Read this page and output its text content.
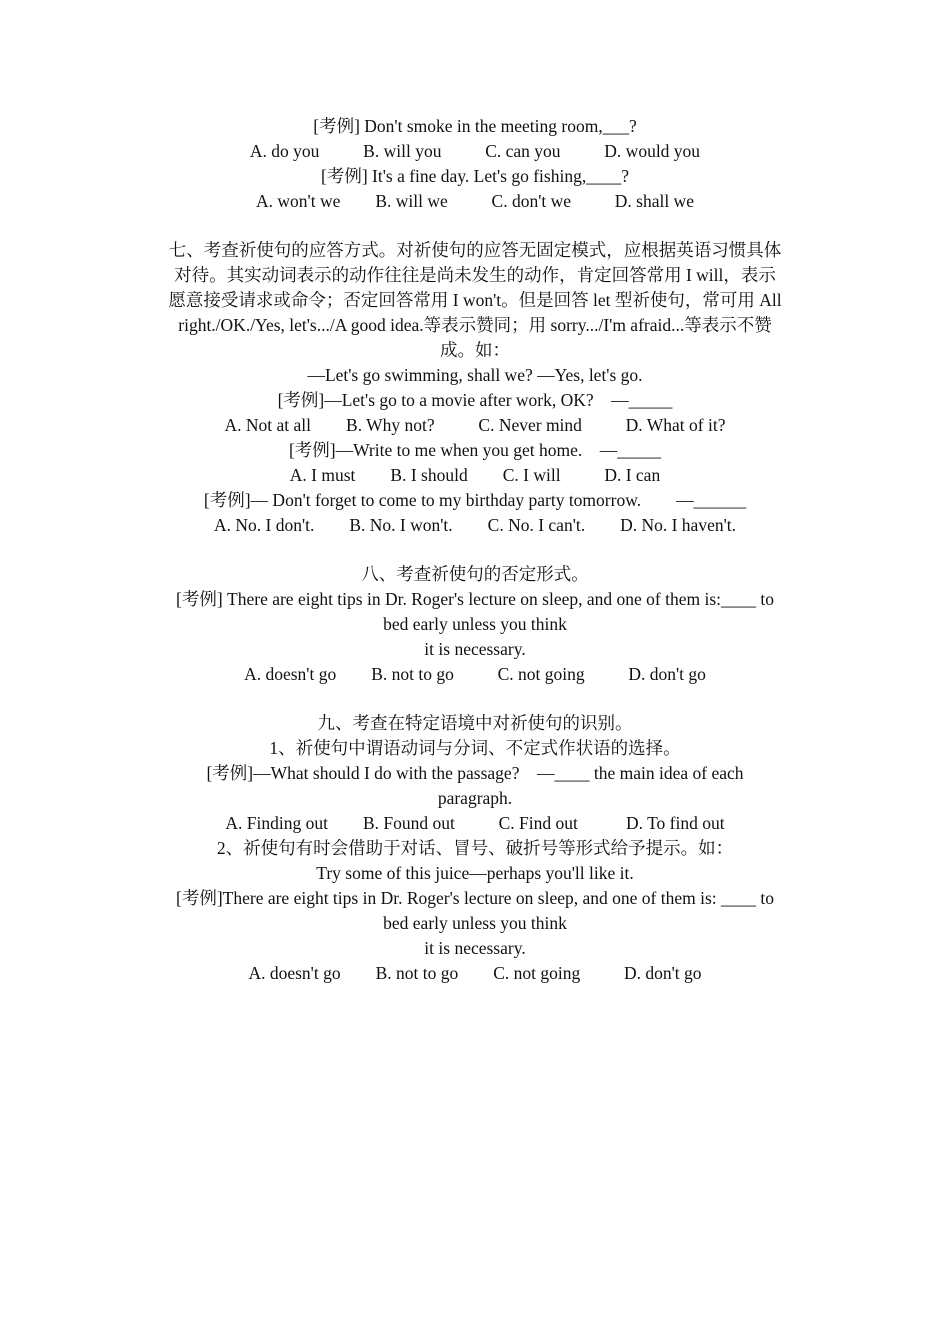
[考例] Don't smoke in the meeting room,___?
A. do you          B. will you          C. can you          D. would you
[考例] It's a fine day. Let's go fishing,____?
A. won't we        B. will we          C. don't we          D. shall we
七、考查祈使句的应答方式。对祈使句的应答无固定模式，应根据英语习惯具体
对待。其实动词表示的动作往往是尚未发生的动作，肯定回答常用 I will，表示
愿意接受请求或命令；否定回答常用 I won't。但是回答 let 型祈使句，常可用 All
right./OK./Yes, let's.../A good idea.等表示赞同；用 sorry.../I'm afraid...等表示不赞
成。如：
—Let's go swimming, shall we? —Yes, let's go.
[考例]—Let's go to a movie after work, OK?    —_____
A. Not at all        B. Why not?          C. Never mind          D. What of it?
[考例]—Write to me when you get home.    —_____
A. I must        B. I should        C. I will          D. I can
[考例]— Don't forget to come to my birthday party tomorrow.        —______
A. No. I don't.        B. No. I won't.        C. No. I can't.        D. No. I haven't.
八、考查祈使句的否定形式。
[考例] There are eight tips in Dr. Roger's lecture on sleep, and one of them is:____ to
bed early unless you think
it is necessary.
A. doesn't go        B. not to go          C. not going          D. don't go
九、考查在特定语境中对祈使句的识别。
1、祈使句中谓语动词与分词、不定式作状语的选择。
[考例]—What should I do with the passage?    —____ the main idea of each
paragraph.
A. Finding out        B. Found out          C. Find out           D. To find out
2、祈使句有时会借助于对话、冒号、破折号等形式给予提示。如：
Try some of this juice—perhaps you'll like it.
[考例]There are eight tips in Dr. Roger's lecture on sleep, and one of them is: ____ to
bed early unless you think
it is necessary.
A. doesn't go        B. not to go        C. not going          D. don't go
